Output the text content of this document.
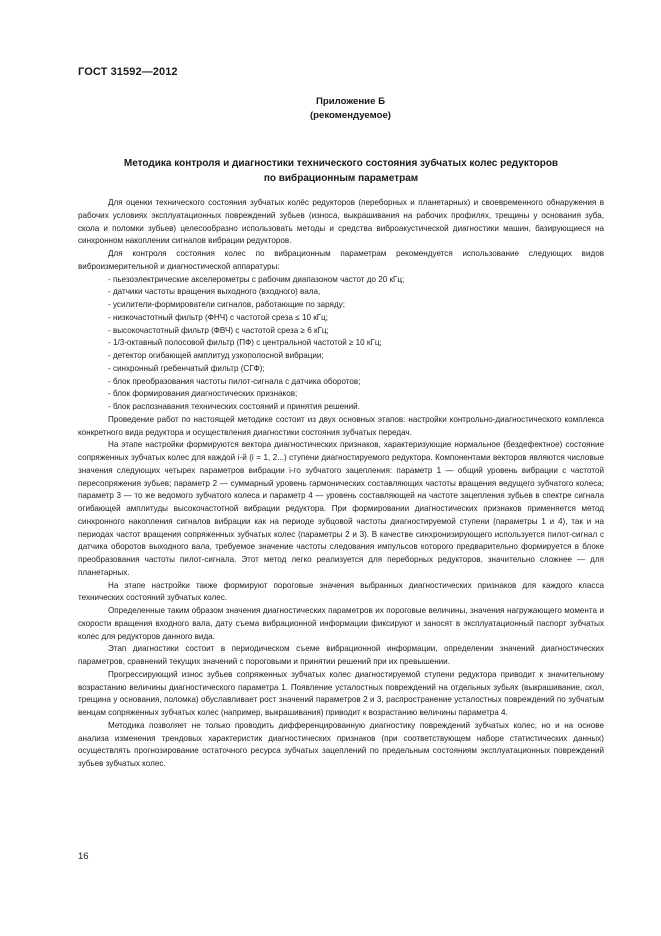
ГОСТ 31592—2012
Приложение Б
(рекомендуемое)
Методика контроля и диагностики технического состояния зубчатых колес редукторов
по вибрационным параметрам

Для оценки технического состояния зубчатых колёс редукторов (переборных и планетарных) и своевременного обнаружения в рабочих условиях эксплуатационных повреждений зубьев (износа, выкрашивания на рабочих профилях, трещины у основания зуба, скола и поломки зубьев) целесообразно использовать методы и средства виброакустической диагностики машин, базирующиеся на синхронном накоплении сигналов вибрации редукторов.

Для контроля состояния колес по вибрационным параметрам рекомендуется использование следующих видов виброизмерительной и диагностической аппаратуры:

- пьезоэлектрические акселерометры с рабочим диапазоном частот до 20 кГц;

- датчики частоты вращения выходного (входного) вала,

- усилители-формирователи сигналов, работающие по заряду;

- низкочастотный фильтр (ФНЧ) с частотой среза ≤ 10 кГц;

- высокочастотный фильтр (ФВЧ) с частотой среза ≥ 6 кГц;

- 1/3-октавный полосовой фильтр (ПФ) с центральной частотой ≥ 10 кГц;

- детектор огибающей амплитуд узкополосной вибрации;

- синхронный гребенчатый фильтр (СГФ);

- блок преобразования частоты пилот-сигнала с датчика оборотов;

- блок формирования диагностических признаков;

- блок распознавания технических состояний и принятия решений.

Проведение работ по настоящей методике состоит из двух основных этапов: настройки контрольно-диагностического комплекса конкретного вида редуктора и осуществления диагностики состояния зубчатых передач.

На этапе настройки формируются вектора диагностических признаков, характеризующие нормальное (бездефектное) состояние сопряженных зубчатых колес для каждой i-й (i = 1, 2...) ступени диагностируемого редуктора. Компонентами векторов являются числовые значения следующих четырех параметров вибрации i-го зубчатого зацепления: параметр 1 — общий уровень вибрации с частотой пересопряжения зубьев; параметр 2 — суммарный уровень гармонических составляющих частоты вращения ведущего зубчатого колеса; параметр 3 — то же ведомого зубчатого колеса и параметр 4 — уровень составляющей на частоте зацепления зубьев в спектре сигнала огибающей амплитуды высокочастотной вибрации редуктора. При формировании диагностических признаков применяется метод синхронного накопления сигналов вибрации как на периоде зубцовой частоты диагностируемой ступени (параметры 1 и 4), так и на периодах частот вращения сопряженных зубчатых колес (параметры 2 и 3). В качестве синхронизирующего используется пилот-сигнал с датчика оборотов выходного вала, требуемое значение частоты следования импульсов которого предварительно формируется в блоке преобразования частоты пилот-сигнала. Этот метод легко реализуется для переборных редукторов, значительно сложнее — для планетарных.

На этапе настройки также формируют пороговые значения выбранных диагностических признаков для каждого класса технических состояний зубчатых колес.

Определенные таким образом значения диагностических параметров их пороговые величины, значения нагружающего момента и скорости вращения входного вала, дату съема вибрационной информации фиксируют и заносят в эксплуатационный паспорт зубчатых колес для редукторов данного вида.

Этап диагностики состоит в периодическом съеме вибрационной информации, определении значений диагностических параметров, сравнений текущих значений с пороговыми и принятии решений при их превышении.

Прогрессирующий износ зубьев сопряженных зубчатых колес диагностируемой ступени редуктора приводит к значительному возрастанию величины диагностического параметра 1. Появление усталостных повреждений на отдельных зубьях (выкрашивание, скол, трещина у основания, поломка) обуславливает рост значений параметров 2 и 3, распространение усталостных повреждений по зубчатым венцам сопряженных зубчатых колес (например, выкрашивания) приводит к возрастанию величины параметра 4.

Методика позволяет не только проводить дифференцированную диагностику повреждений зубчатых колес, но и на основе анализа изменения трендовых характеристик диагностических признаков (при соответствующем наборе статистических данных) осуществлять прогнозирование остаточного ресурса зубчатых зацеплений по предельным состояниям эксплуатационных повреждений зубьев зубчатых колес.

16
